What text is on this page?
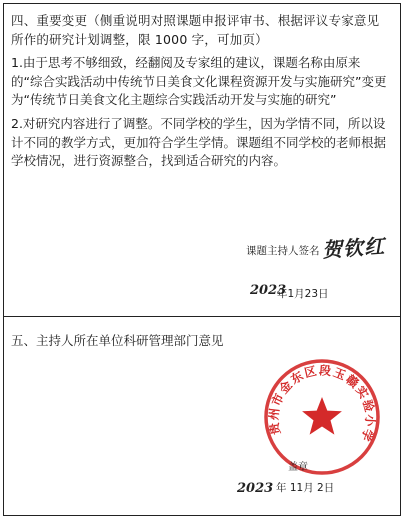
四、重要变更（侧重说明对照课题申报评审书、根据评议专家意见所作的研究计划调整，限 1000 字，可加页）
1.由于思考不够细致，经翻阅及专家组的建议，课题名称由原来的“综合实践活动中传统节日美食文化课程资源开发与实施研究”变更为“传统节日美食文化主题综合实践活动开发与实施的研究”
2.对研究内容进行了调整。不同学校的学生，因为学情不同，所以设计不同的教学方式，更加符合学生学情。课题组不同学校的老师根据学校情况，进行资源整合，找到适合研究的内容。
课题主持人签名 贺钦红
2023
年1月23日
五、主持人所在单位科研管理部门意见
贵州市金东区段玉赣实验小学
盖章
2023 年 11月 2日
